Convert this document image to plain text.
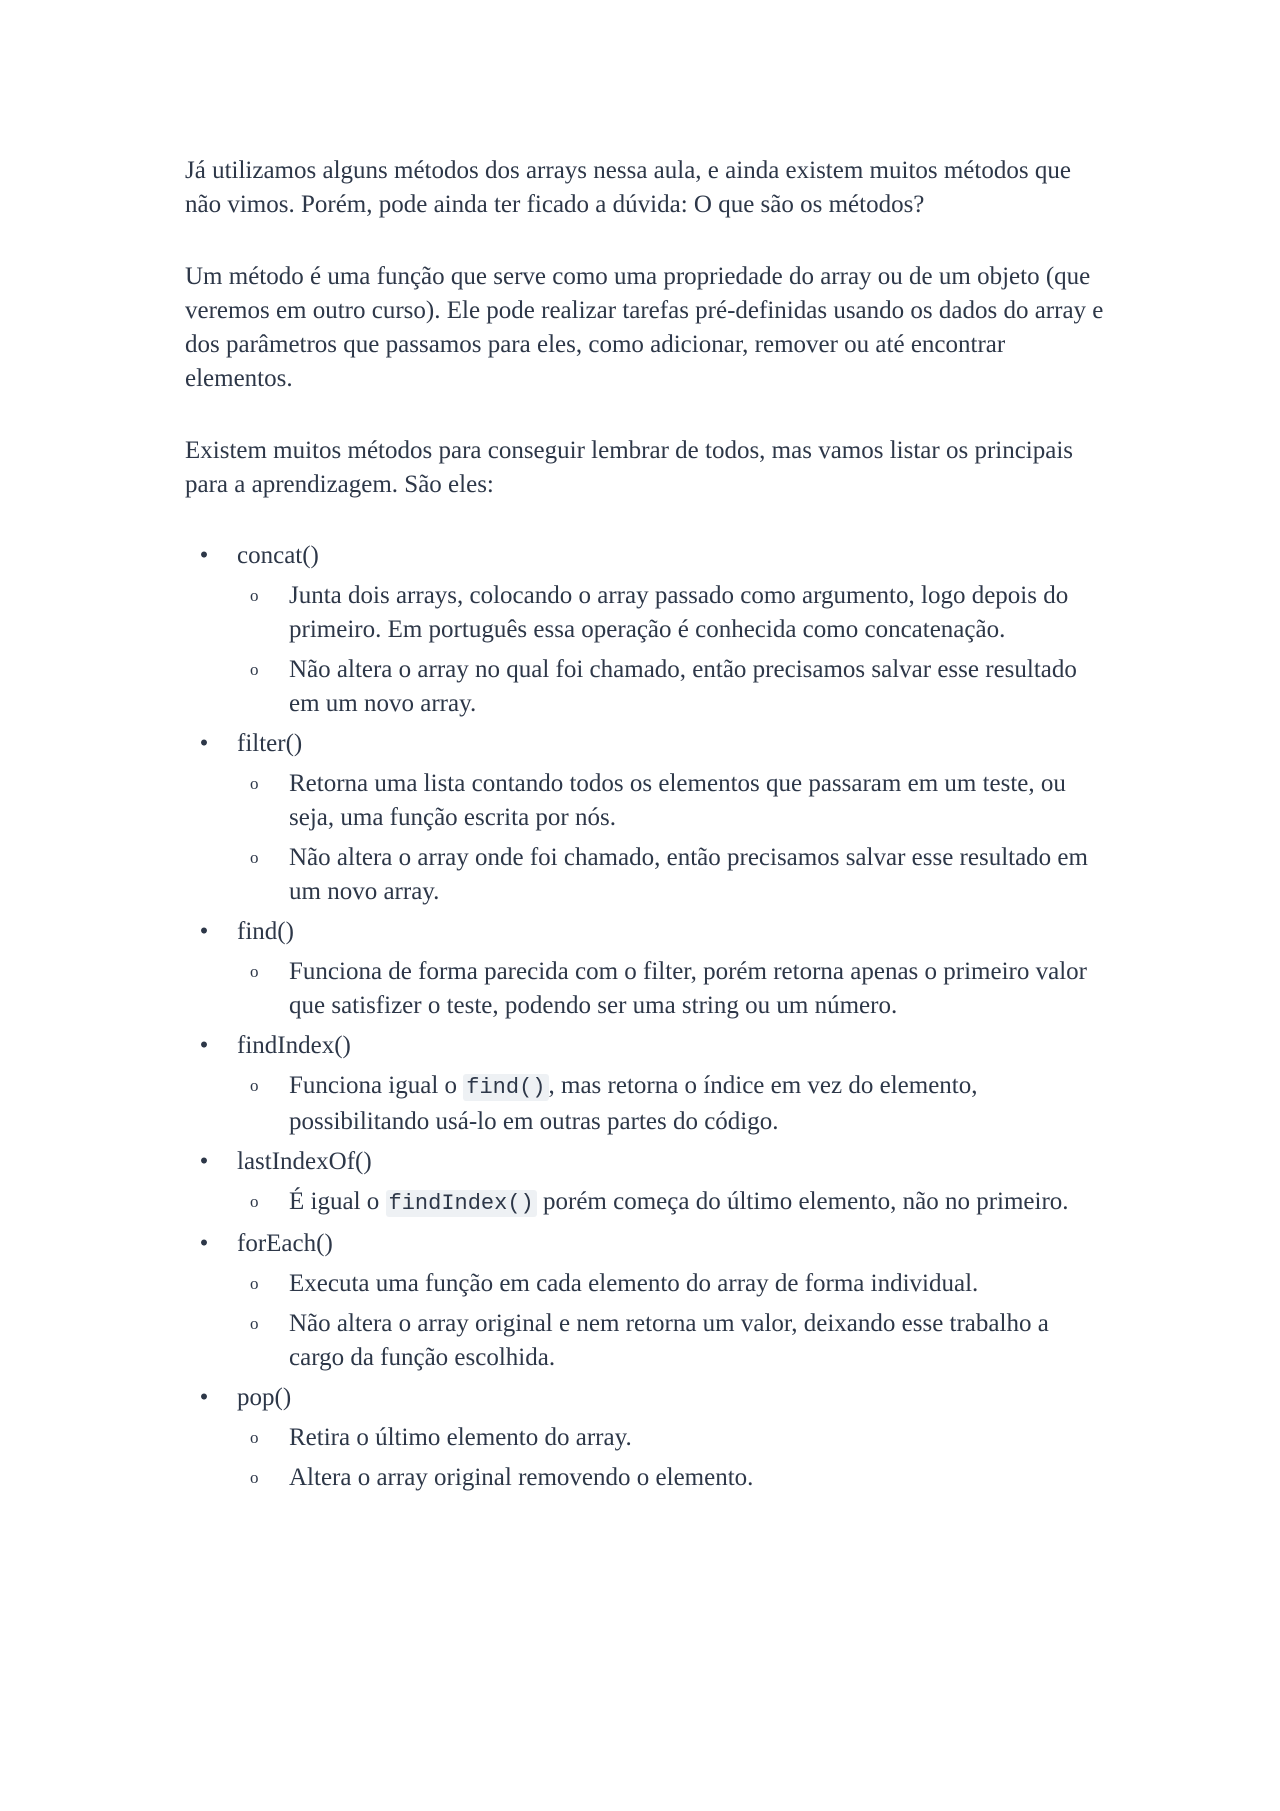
Já utilizamos alguns métodos dos arrays nessa aula, e ainda existem muitos métodos que não vimos. Porém, pode ainda ter ficado a dúvida: O que são os métodos?

Um método é uma função que serve como uma propriedade do array ou de um objeto (que veremos em outro curso). Ele pode realizar tarefas pré-definidas usando os dados do array e dos parâmetros que passamos para eles, como adicionar, remover ou até encontrar elementos.

Existem muitos métodos para conseguir lembrar de todos, mas vamos listar os principais para a aprendizagem. São eles:

• concat()
o Junta dois arrays, colocando o array passado como argumento, logo depois do primeiro. Em português essa operação é conhecida como concatenação.
o Não altera o array no qual foi chamado, então precisamos salvar esse resultado em um novo array.
• filter()
o Retorna uma lista contando todos os elementos que passaram em um teste, ou seja, uma função escrita por nós.
o Não altera o array onde foi chamado, então precisamos salvar esse resultado em um novo array.
• find()
o Funciona de forma parecida com o filter, porém retorna apenas o primeiro valor que satisfizer o teste, podendo ser uma string ou um número.
• findIndex()
o Funciona igual o find() , mas retorna o índice em vez do elemento, possibilitando usá-lo em outras partes do código.
• lastIndexOf()
o É igual o findIndex() porém começa do último elemento, não no primeiro.
• forEach()
o Executa uma função em cada elemento do array de forma individual.
o Não altera o array original e nem retorna um valor, deixando esse trabalho a cargo da função escolhida.
• pop()
o Retira o último elemento do array.
o Altera o array original removendo o elemento.
